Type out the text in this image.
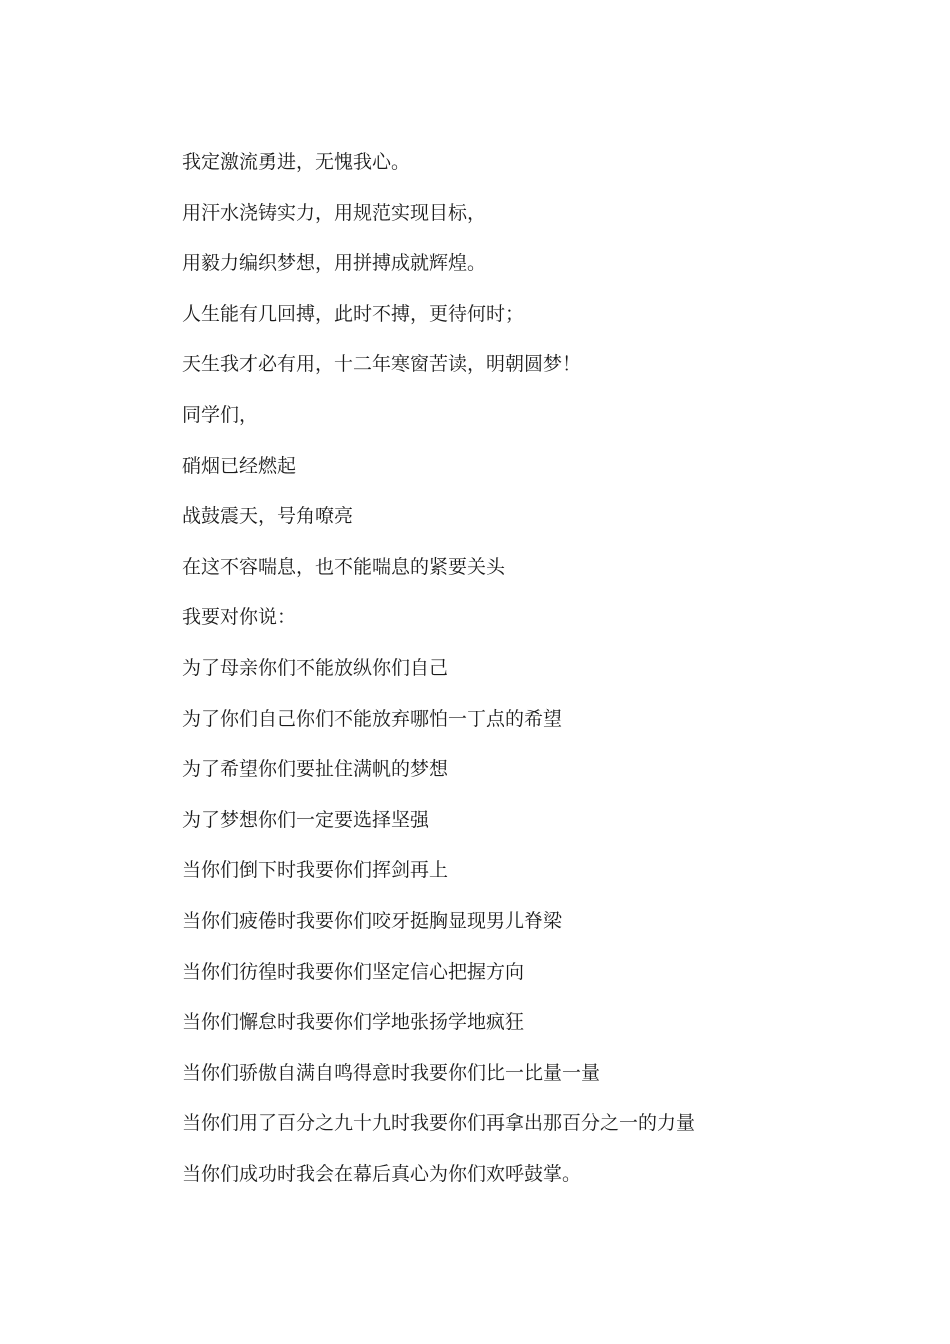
我定激流勇进，无愧我心。

用汗水浇铸实力，用规范实现目标，

用毅力编织梦想，用拼搏成就辉煌。

人生能有几回搏，此时不搏，更待何时；

天生我才必有用，十二年寒窗苦读，明朝圆梦！

同学们，

硝烟已经燃起

战鼓震天，号角嘹亮

在这不容喘息，也不能喘息的紧要关头

我要对你说：

为了母亲你们不能放纵你们自己

为了你们自己你们不能放弃哪怕一丁点的希望

为了希望你们要扯住满帆的梦想

为了梦想你们一定要选择坚强

当你们倒下时我要你们挥剑再上

当你们疲倦时我要你们咬牙挺胸显现男儿脊梁

当你们彷徨时我要你们坚定信心把握方向

当你们懈怠时我要你们学地张扬学地疯狂

当你们骄傲自满自鸣得意时我要你们比一比量一量

当你们用了百分之九十九时我要你们再拿出那百分之一的力量

当你们成功时我会在幕后真心为你们欢呼鼓掌。
